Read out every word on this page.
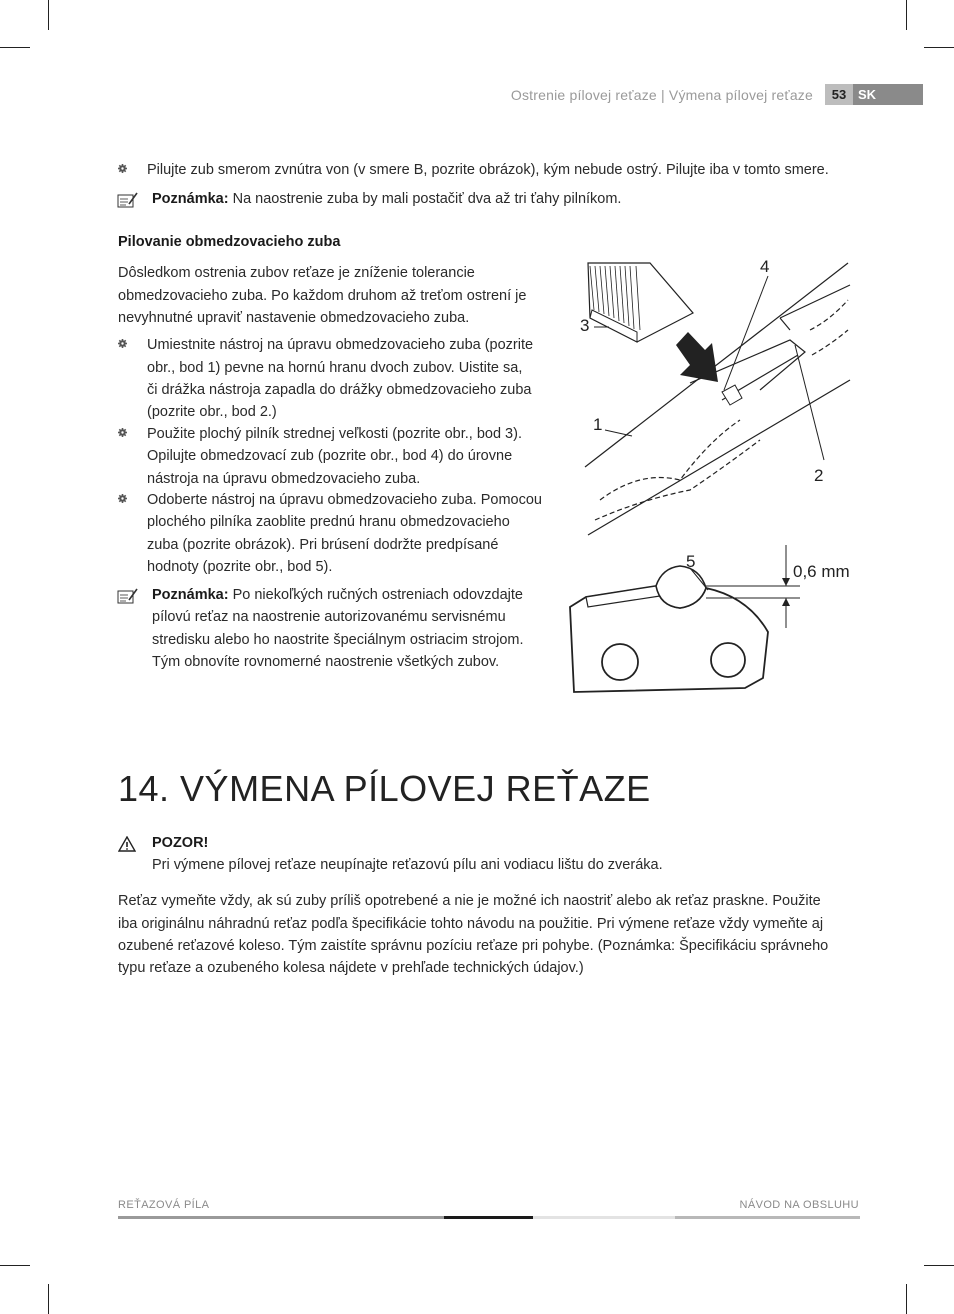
Ostrenie pílovej reťaze | Výmena pílovej reťaze	53 SK
Pilujte zub smerom zvnútra von (v smere B, pozrite obrázok), kým nebude ostrý. Pilujte iba v tomto smere.
Poznámka: Na naostrenie zuba by mali postačiť dva až tri ťahy pilníkom.
Pilovanie obmedzovacieho zuba
Dôsledkom ostrenia zubov reťaze je zníženie tolerancie
obmedzovacieho zuba. Po každom druhom až treťom ostrení je
nevyhnutné upraviť nastavenie obmedzovacieho zuba.
Umiestnite nástroj na úpravu obmedzovacieho zuba (pozrite
obr., bod 1) pevne na hornú hranu dvoch zubov. Uistite sa,
či drážka nástroja zapadla do drážky obmedzovacieho zuba
(pozrite obr., bod 2.)
Použite plochý pilník strednej veľkosti (pozrite obr., bod 3).
Opilujte obmedzovací zub (pozrite obr., bod 4) do úrovne
nástroja na úpravu obmedzovacieho zuba.
Odoberte nástroj na úpravu obmedzovacieho zuba. Pomocou
plochého pilníka zaoblite prednú hranu obmedzovacieho
zuba (pozrite obrázok). Pri brúsení dodržte predpísané
hodnoty (pozrite obr., bod 5).
Poznámka: Po niekoľkých ručných ostreniach odovzdajte
pílovú reťaz na naostrenie autorizovanému servisnému
stredisku alebo ho naostrite špeciálnym ostriacim strojom.
Tým obnovíte rovnomerné naostrenie všetkých zubov.
4
3
1
2
5
0,6 mm
14. VÝMENA PÍLOVEJ REŤAZE
POZOR!
Pri výmene pílovej reťaze neupínajte reťazovú pílu ani vodiacu lištu do zveráka.
Reťaz vymeňte vždy, ak sú zuby príliš opotrebené a nie je možné ich naostriť alebo ak reťaz praskne. Použite
iba originálnu náhradnú reťaz podľa špecifikácie tohto návodu na použitie. Pri výmene reťaze vždy vymeňte aj
ozubené reťazové koleso. Tým zaistíte správnu pozíciu reťaze pri pohybe. (Poznámka: Špecifikáciu správneho
typu reťaze a ozubeného kolesa nájdete v prehľade technických údajov.)
REŤAZOVÁ PÍLA	NÁVOD NA OBSLUHU
